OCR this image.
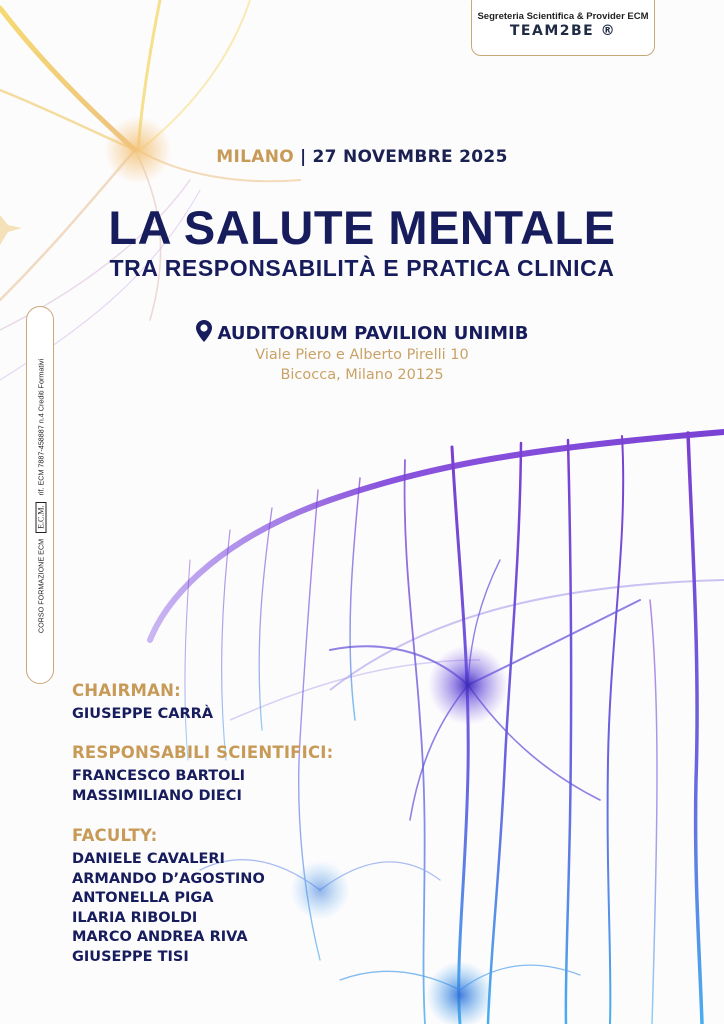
Segreteria Scientifica & Provider ECM
TEAM2BE ®
MILANO | 27 NOVEMBRE 2025
LA SALUTE MENTALE
TRA RESPONSABILITÀ E PRATICA CLINICA
AUDITORIUM PAVILION UNIMIB
Viale Piero e Alberto Pirelli 10
Bicocca, Milano 20125
CORSO FORMAZIONE ECME.C.M.rif. ECM 7887-458887 n.4 Crediti Formativi
CHAIRMAN:
GIUSEPPE CARRÀ
RESPONSABILI SCIENTIFICI:
FRANCESCO BARTOLI
MASSIMILIANO DIECI
FACULTY:
DANIELE CAVALERI
ARMANDO D’AGOSTINO
ANTONELLA PIGA
ILARIA RIBOLDI
MARCO ANDREA RIVA
GIUSEPPE TISI
